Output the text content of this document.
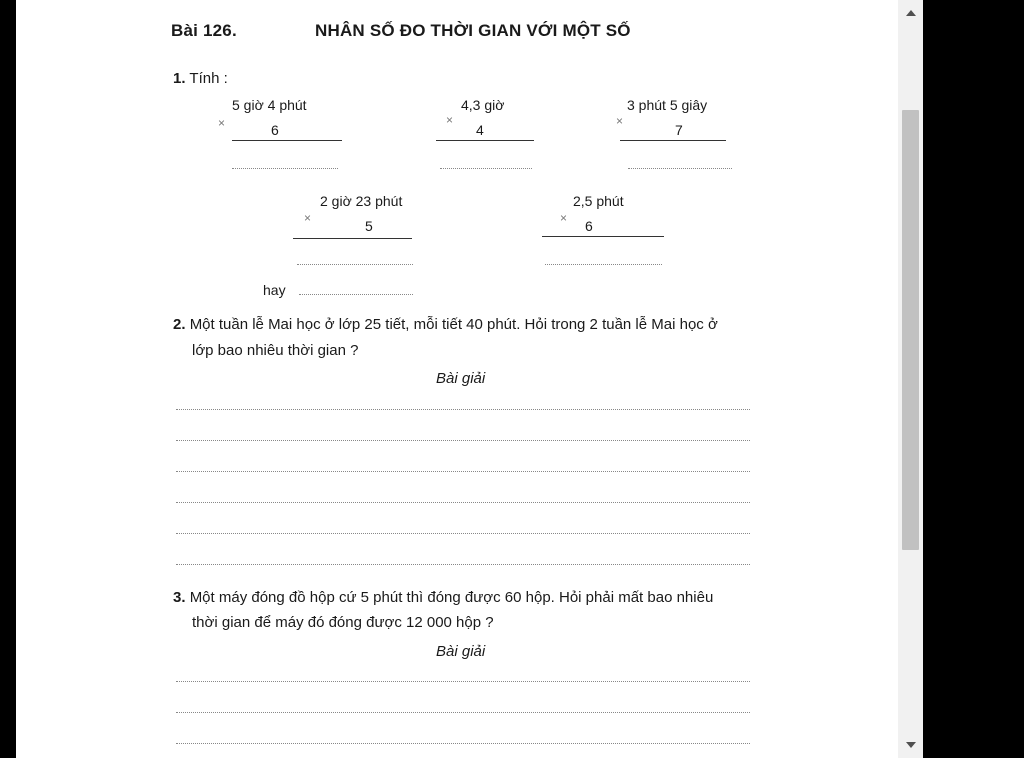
Bài 126.	NHÂN SỐ ĐO THỜI GIAN VỚI MỘT SỐ
1. Tính :
5 giờ 4 phút
×	6
4,3 giờ
×
4
3 phút 5 giây
×
7
2 giờ 23 phút
×	5
2,5 phút
× 6
hay
2. Một tuần lễ Mai học ở lớp 25 tiết, mỗi tiết 40 phút. Hỏi trong 2 tuần lễ Mai học ở
lớp bao nhiêu thời gian ?
Bài giải
3. Một máy đóng đồ hộp cứ 5 phút thì đóng được 60 hộp. Hỏi phải mất bao nhiêu
thời gian để máy đó đóng được 12 000 hộp ?
Bài giải
